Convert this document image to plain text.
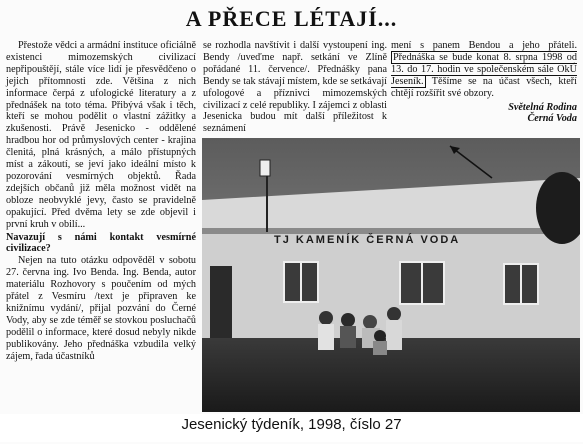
A PŘECE LÉTAJÍ...

Přestože vědci a armádní instituce oficiálně existenci mimozemských civilizací nepřipouštějí, stále více lidí je přesvědčeno o jejich přítomnosti zde. Většina z nich informace čerpá z ufologické literatury a z přednášek na toto téma. Přibývá však i těch, kteří se mohou podělit o vlastní zážitky a zkušenosti. Právě Jesenicko - oddělené hradbou hor od průmyslových center - krajina členitá, plná krásných, a málo přístupných míst a zákoutí, se jeví jako ideální místo k pozorování vesmírných objektů. Řada zdejších občanů již měla možnost vidět na obloze neobvyklé jevy, často se pravidelně opakující. Před dvěma lety se zde objevil i první kruh v obilí...

Navazují s námi kontakt vesmírné civilizace?

Nejen na tuto otázku odpověděl v sobotu 27. června ing. Ivo Benda. Ing. Benda, autor materiálu Rozhovory s poučením od mých přátel z Vesmíru /text je připraven ke knižnímu vydání/, přijal pozvání do Černé Vody, aby se zde téměř se stovkou posluchačů podělil o informace, které dosud nebyly nikde publikovány. Jeho přednáška vzbudila velký zájem, řada účastníků

se rozhodla navštívit i další vystoupení ing. Bendy /uveďme např. setkání ve Zlíně pořádané 11. července/. Přednášky pana Bendy se tak stávají místem, kde se setkávají ufologové a příznivci mimozemských civilizací z celé republiky. I zájemci z oblasti Jesenicka budou mít další příležitost k seznámení

mení s panem Bendou a jeho přáteli. Přednáška se bude konat 8. srpna 1998 od 13. do 17. hodin ve společenském sále OkÚ Jeseník. Těšíme se na účast všech, kteří chtějí rozšířit své obzory.

Světelná Rodina

Černá Voda

TJ KAMENÍK ČERNÁ VODA
Jesenický týdeník, 1998, číslo 27
